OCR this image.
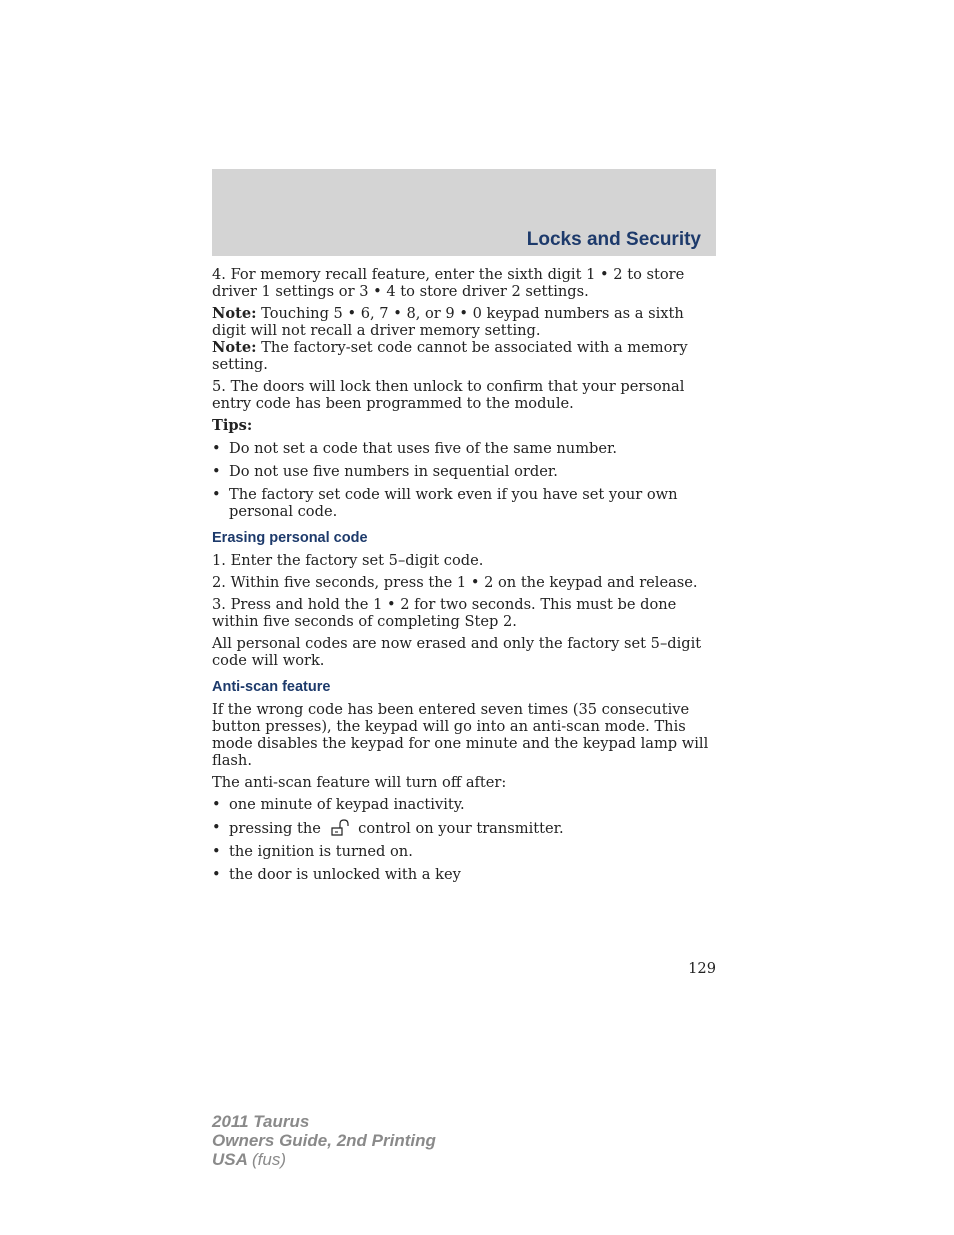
Locks and Security

4. For memory recall feature, enter the sixth digit 1 • 2 to store driver 1 settings or 3 • 4 to store driver 2 settings.

Note: Touching 5 • 6, 7 • 8, or 9 • 0 keypad numbers as a sixth digit will not recall a driver memory setting.

Note: The factory-set code cannot be associated with a memory setting.

5. The doors will lock then unlock to confirm that your personal entry code has been programmed to the module.

Tips:

• Do not set a code that uses five of the same number.
• Do not use five numbers in sequential order.
• The factory set code will work even if you have set your own personal code.
Erasing personal code

1. Enter the factory set 5–digit code.

2. Within five seconds, press the 1 • 2 on the keypad and release.

3. Press and hold the 1 • 2 for two seconds. This must be done within five seconds of completing Step 2.

All personal codes are now erased and only the factory set 5–digit code will work.

Anti-scan feature

If the wrong code has been entered seven times (35 consecutive button presses), the keypad will go into an anti-scan mode. This mode disables the keypad for one minute and the keypad lamp will flash.

The anti-scan feature will turn off after:

• one minute of keypad inactivity.
• pressing the	control on your transmitter.
• the ignition is turned on.
• the door is unlocked with a key
129
2011 Taurus
Owners Guide, 2nd Printing
USA (fus)
